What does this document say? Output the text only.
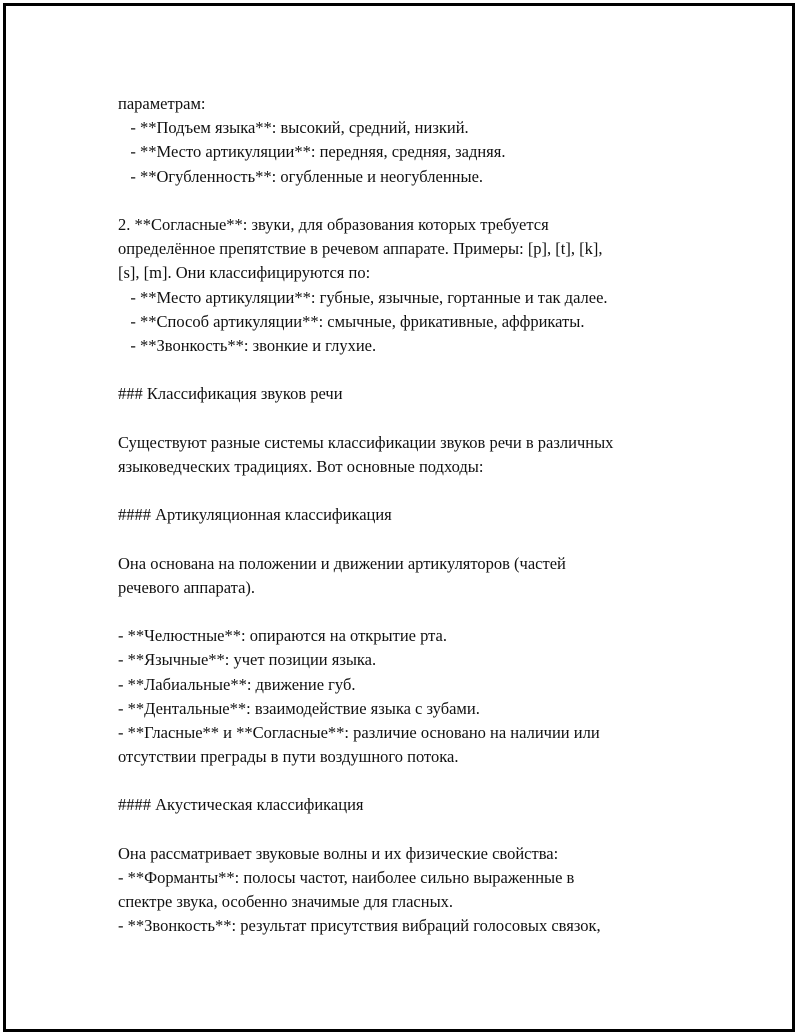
параметрам:
- **Подъем языка**: высокий, средний, низкий.
- **Место артикуляции**: передняя, средняя, задняя.
- **Огубленность**: огубленные и неогубленные.
2. **Согласные**: звуки, для образования которых требуется
определённое препятствие в речевом аппарате. Примеры: [p], [t], [k],
[s], [m]. Они классифицируются по:
- **Место артикуляции**: губные, язычные, гортанные и так далее.
- **Способ артикуляции**: смычные, фрикативные, аффрикаты.
- **Звонкость**: звонкие и глухие.
### Классификация звуков речи
Существуют разные системы классификации звуков речи в различных
языковедческих традициях. Вот основные подходы:
#### Артикуляционная классификация
Она основана на положении и движении артикуляторов (частей
речевого аппарата).
- **Челюстные**: опираются на открытие рта.
- **Язычные**: учет позиции языка.
- **Лабиальные**: движение губ.
- **Дентальные**: взаимодействие языка с зубами.
- **Гласные** и **Согласные**: различие основано на наличии или
отсутствии преграды в пути воздушного потока.
#### Акустическая классификация
Она рассматривает звуковые волны и их физические свойства:
- **Форманты**: полосы частот, наиболее сильно выраженные в
спектре звука, особенно значимые для гласных.
- **Звонкость**: результат присутствия вибраций голосовых связок,
